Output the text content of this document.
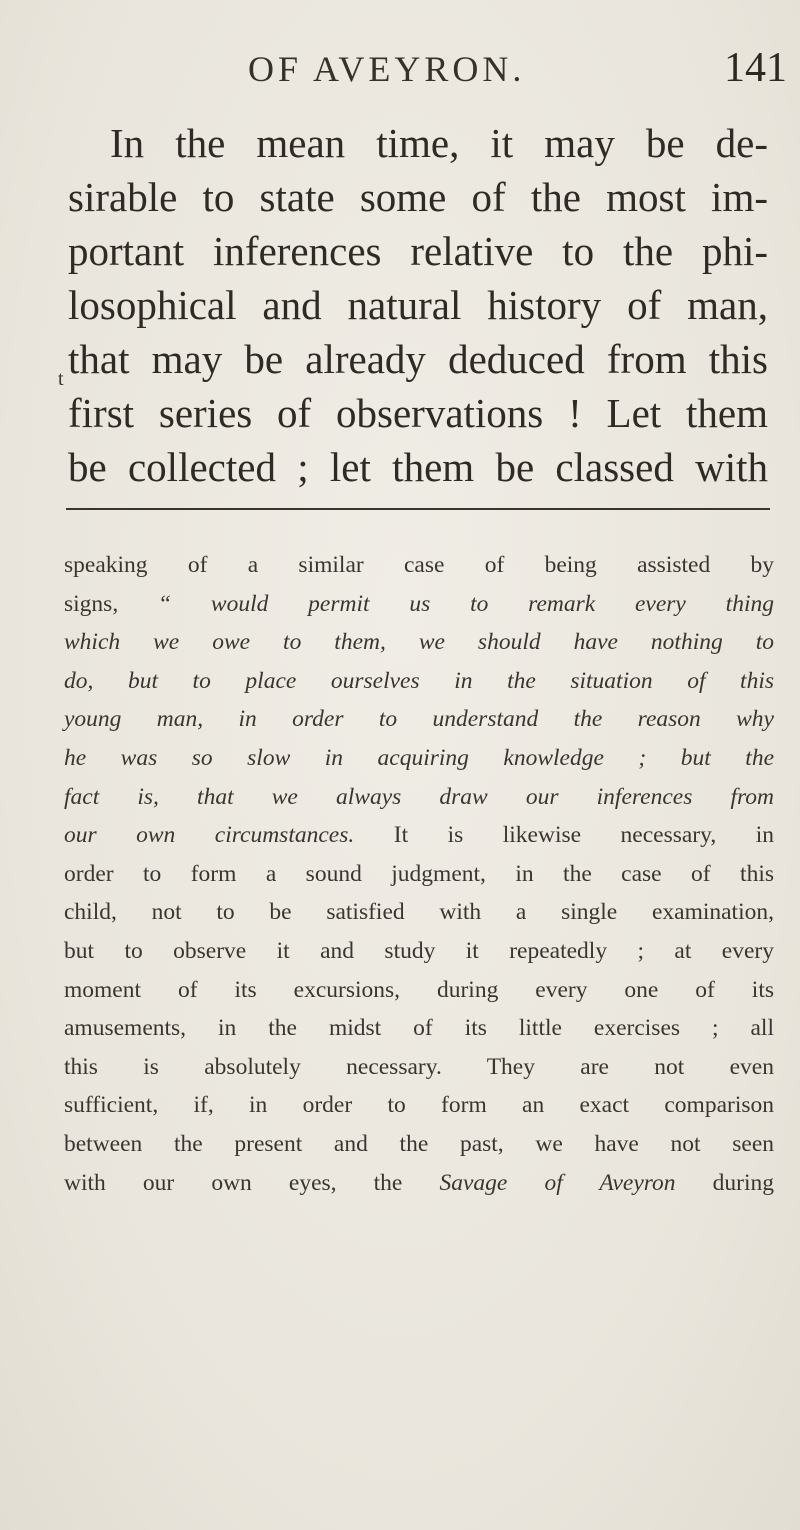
OF AVEYRON.	141
In the mean time, it may be de-
sirable to state some of the most im-
portant inferences relative to the phi-
losophical and natural history of man,
that may be already deduced from this
first series of observations ! Let them
be collected ; let them be classed with
t
speaking of a similar case of being assisted by
signs, “ would permit us to remark every thing
which we owe to them, we should have nothing to
do, but to place ourselves in the situation of this
young man, in order to understand the reason why
he was so slow in acquiring knowledge ; but the
fact is, that we always draw our inferences from
our own circumstances. It is likewise necessary, in
order to form a sound judgment, in the case of this
child, not to be satisfied with a single examination,
but to observe it and study it repeatedly ; at every
moment of its excursions, during every one of its
amusements, in the midst of its little exercises ; all
this is absolutely necessary. They are not even
sufficient, if, in order to form an exact comparison
between the present and the past, we have not seen
with our own eyes, the Savage of Aveyron during
